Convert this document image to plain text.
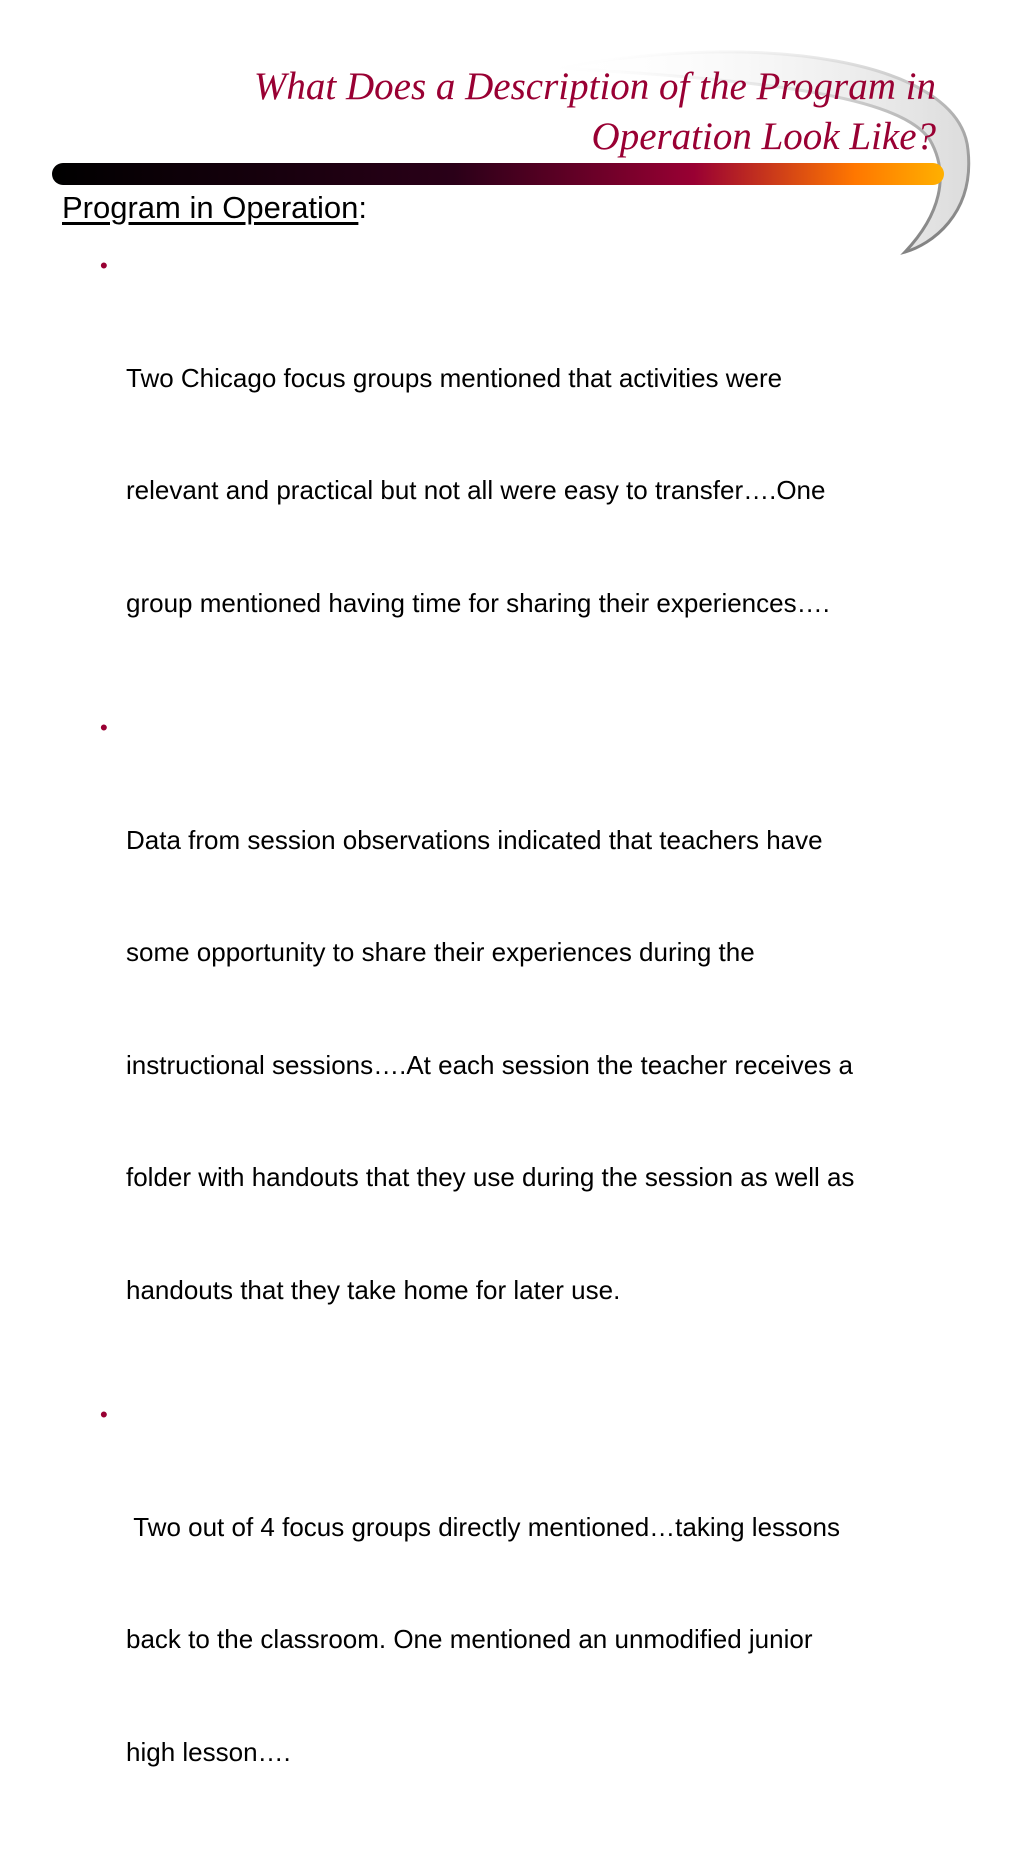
What Does a Description of the Program in
Operation Look Like?
Program in Operation:

•

Two Chicago focus groups mentioned that activities were

relevant and practical but not all were easy to transfer….One

group mentioned having time for sharing their experiences….

•

Data from session observations indicated that teachers have

some opportunity to share their experiences during the

instructional sessions….At each session the teacher receives a

folder with handouts that they use during the session as well as

handouts that they take home for later use.

•

Two out of 4 focus groups directly mentioned…taking lessons

back to the classroom. One mentioned an unmodified junior

high lesson….
